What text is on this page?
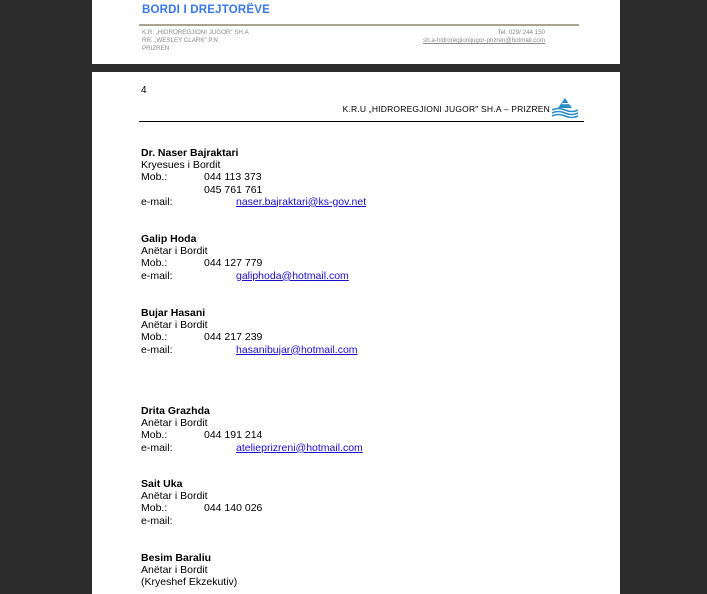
BORDI I DREJTORËVE
K.R. „HIDROREGJIONI JUGOR" SH.A
RR. „WESLEY CLARK" P.N
PRIZREN
Tel: 029/ 244 150
sh.a-hidroregjionijugor-prizren@hotmail.com
4
K.R.U „HIDROREGJIONI JUGOR" SH.A – PRIZREN
Dr. Naser Bajraktari
Kryesues i Bordit
Mob.:	044 113 373
045 761 761
e-mail:	naser.bajraktari@ks-gov.net
Galip Hoda
Anëtar i Bordit
Mob.:	044 127 779
e-mail:	galiphoda@hotmail.com
Bujar Hasani
Anëtar i Bordit
Mob.:	044 217 239
e-mail:	hasanibujar@hotmail.com
Drita Grazhda
Anëtar i Bordit
Mob.:	044 191 214
e-mail:	atelieprizreni@hotmail.com
Sait Uka
Anëtar i Bordit
Mob.:	044 140 026
e-mail:
Besim Baraliu
Anëtar i Bordit
(Kryeshef Ekzekutiv)
